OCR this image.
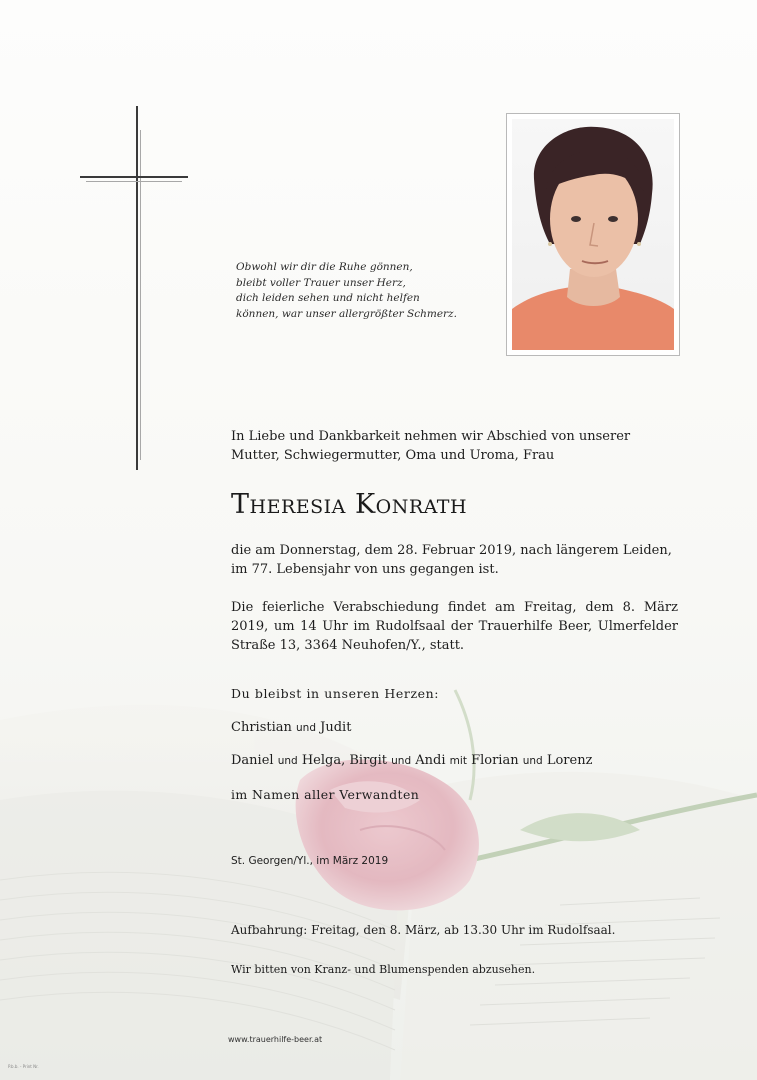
Obwohl wir dir die Ruhe gönnen,
bleibt voller Trauer unser Herz,
dich leiden sehen und nicht helfen
können, war unser allergrößter Schmerz.
In Liebe und Dankbarkeit nehmen wir Abschied von unserer Mutter, Schwiegermutter, Oma und Uroma, Frau
Theresia Konrath
die am Donnerstag, dem 28. Februar 2019, nach längerem Leiden, im 77. Lebensjahr von uns gegangen ist.
Die feierliche Verabschiedung findet am Freitag, dem 8. März 2019, um 14 Uhr im Rudolfsaal der Trauerhilfe Beer, Ulmerfelder Straße 13, 3364 Neuhofen/Y., statt.
Du bleibst in unseren Herzen:
Christian und Judit
Daniel und Helga, Birgit und Andi mit Florian und Lorenz
im Namen aller Verwandten
St. Georgen/Yl., im März 2019
Aufbahrung: Freitag, den 8. März, ab 13.30 Uhr im Rudolfsaal.
Wir bitten von Kranz- und Blumenspenden abzusehen.
www.trauerhilfe-beer.at
P.b.b. - Print Nr.
